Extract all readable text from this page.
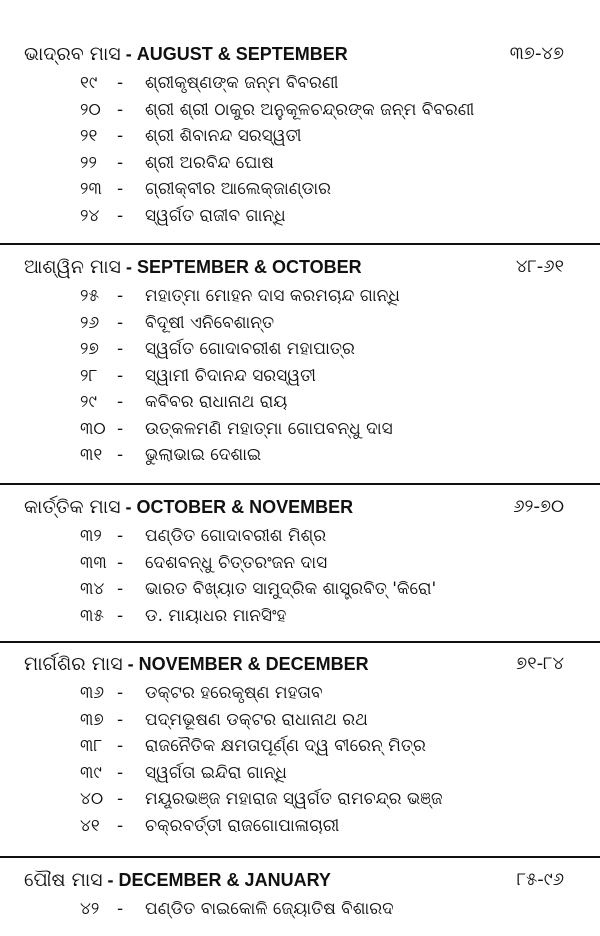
ଭାଦ୍ରବ ମାସ - AUGUST & SEPTEMBER	୩୭-୪୭
୧୯	- ଶ୍ରୀକୃଷ୍ଣଙ୍କ ଜନ୍ମ ବିବରଣୀ
୨୦ - ଶ୍ରୀ ଶ୍ରୀ ଠାକୁର ଅନୁକୂଳଚନ୍ଦ୍ରଙ୍କ ଜନ୍ମ ବିବରଣୀ
୨୧	- ଶ୍ରୀ ଶିବାନନ୍ଦ ସରସ୍ୱତୀ
୨୨	- ଶ୍ରୀ ଅରବିନ୍ଦ ଘୋଷ
୨୩ - ଗ୍ରୀକ୍‌ବୀର ଆଲେକ୍‌ଜାଣ୍ଡାର
୨୪	- ସ୍ୱର୍ଗତ ରାଜୀବ ଗାନ୍ଧି
ଆଶ୍ୱିନ ମାସ - SEPTEMBER & OCTOBER	୪୮-୬୧
୨୫	- ମହାତ୍ମା ମୋହନ ଦାସ କରମଚାନ୍ଦ ଗାନ୍ଧି
୨୬	- ବିଦୂଷୀ ଏନିବେଶାନ୍ତ
୨୭	- ସ୍ୱର୍ଗତ ଗୋଦାବରୀଶ ମହାପାତ୍ର
୨୮	- ସ୍ୱାମୀ ଚିଦାନନ୍ଦ ସରସ୍ୱତୀ
୨୯	- କବିବର ରାଧାନାଥ ରାୟ
୩୦ - ଉତ୍କଳମଣି ମହାତ୍ମା ଗୋପବନ୍ଧୁ ଦାସ
୩୧ - ଭୁଲାଭାଇ ଦେଶାଇ
କାର୍ତ୍ତିକ ମାସ - OCTOBER & NOVEMBER	୬୨-୭୦
୩୨ - ପଣ୍ଡିତ ଗୋଦାବରୀଶ ମିଶ୍ର
୩୩ - ଦେଶବନ୍ଧୁ ଚିତ୍ତରଂଜନ ଦାସ
୩୪ - ଭାରତ ବିଖ୍ୟାତ ସାମୁଦ୍ରିକ ଶାସ୍ତ୍ରବିତ୍ 'କିରୋ'
୩୫ - ଡ. ମାୟାଧର ମାନସିଂହ
ମାର୍ଗଶିର ମାସ - NOVEMBER & DECEMBER	୭୧-୮୪
୩୬ - ଡକ୍ଟର ହରେକୃଷ୍ଣ ମହତାବ
୩୭ - ପଦ୍ମଭୂଷଣ ଡକ୍ଟର ରାଧାନାଥ ରଥ
୩୮ - ରାଜନୈତିକ କ୍ଷମତାପୂର୍ଣ୍ଣ ଦ୍ୱ ବୀରେନ୍ ମିତ୍ର
୩୯ - ସ୍ୱର୍ଗତା ଇନ୍ଦିରା ଗାନ୍ଧି
୪୦ - ମୟୂରଭଞ୍ଜ ମହାରାଜ ସ୍ୱର୍ଗତ ରାମଚନ୍ଦ୍ର ଭଞ୍ଜ
୪୧	- ଚକ୍ରବର୍ତ୍ତୀ ରାଜଗୋପାଳାଚାରୀ
ପୌଷ ମାସ - DECEMBER & JANUARY	୮୫-୯୬
୪୨	- ପଣ୍ଡିତ ବାଇକୋଳି ଜ୍ୟୋତିଷ ବିଶାରଦ
